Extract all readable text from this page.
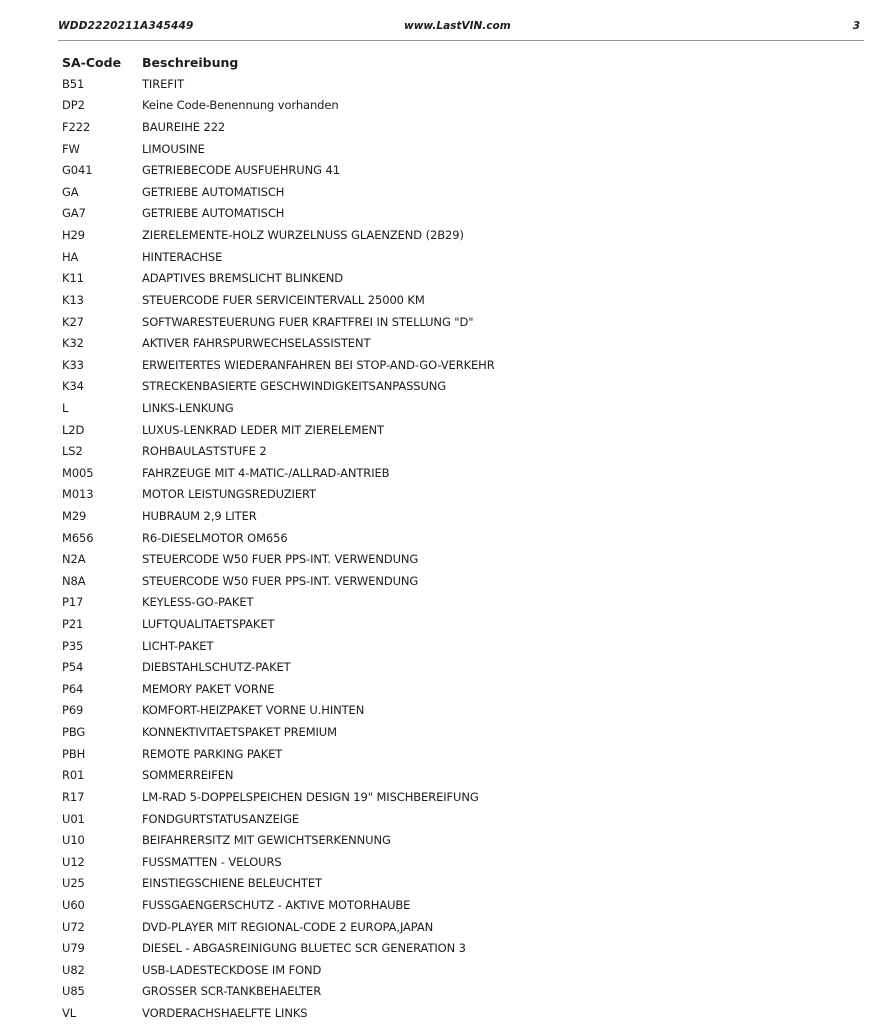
WDD2220211A345449	www.LastVIN.com	3
SA-Code	Beschreibung
B51	TIREFIT
DP2	Keine Code-Benennung vorhanden
F222	BAUREIHE 222
FW	LIMOUSINE
G041	GETRIEBECODE AUSFUEHRUNG 41
GA	GETRIEBE AUTOMATISCH
GA7	GETRIEBE AUTOMATISCH
H29	ZIERELEMENTE-HOLZ WURZELNUSS GLAENZEND (2B29)
HA	HINTERACHSE
K11	ADAPTIVES BREMSLICHT BLINKEND
K13	STEUERCODE FUER SERVICEINTERVALL 25000 KM
K27	SOFTWARESTEUERUNG FUER KRAFTFREI IN STELLUNG "D"
K32	AKTIVER FAHRSPURWECHSELASSISTENT
K33	ERWEITERTES WIEDERANFAHREN BEI STOP-AND-GO-VERKEHR
K34	STRECKENBASIERTE GESCHWINDIGKEITSANPASSUNG
L	LINKS-LENKUNG
L2D	LUXUS-LENKRAD LEDER MIT ZIERELEMENT
LS2	ROHBAULASTSTUFE 2
M005	FAHRZEUGE MIT 4-MATIC-/ALLRAD-ANTRIEB
M013	MOTOR LEISTUNGSREDUZIERT
M29	HUBRAUM 2,9 LITER
M656	R6-DIESELMOTOR OM656
N2A	STEUERCODE W50 FUER PPS-INT. VERWENDUNG
N8A	STEUERCODE W50 FUER PPS-INT. VERWENDUNG
P17	KEYLESS-GO-PAKET
P21	LUFTQUALITAETSPAKET
P35	LICHT-PAKET
P54	DIEBSTAHLSCHUTZ-PAKET
P64	MEMORY PAKET VORNE
P69	KOMFORT-HEIZPAKET VORNE U.HINTEN
PBG	KONNEKTIVITAETSPAKET PREMIUM
PBH	REMOTE PARKING PAKET
R01	SOMMERREIFEN
R17	LM-RAD 5-DOPPELSPEICHEN DESIGN 19" MISCHBEREIFUNG
U01	FONDGURTSTATUSANZEIGE
U10	BEIFAHRERSITZ MIT GEWICHTSERKENNUNG
U12	FUSSMATTEN - VELOURS
U25	EINSTIEGSCHIENE BELEUCHTET
U60	FUSSGAENGERSCHUTZ - AKTIVE MOTORHAUBE
U72	DVD-PLAYER MIT REGIONAL-CODE 2 EUROPA,JAPAN
U79	DIESEL - ABGASREINIGUNG BLUETEC SCR GENERATION 3
U82	USB-LADESTECKDOSE IM FOND
U85	GROSSER SCR-TANKBEHAELTER
VL	VORDERACHSHAELFTE LINKS
